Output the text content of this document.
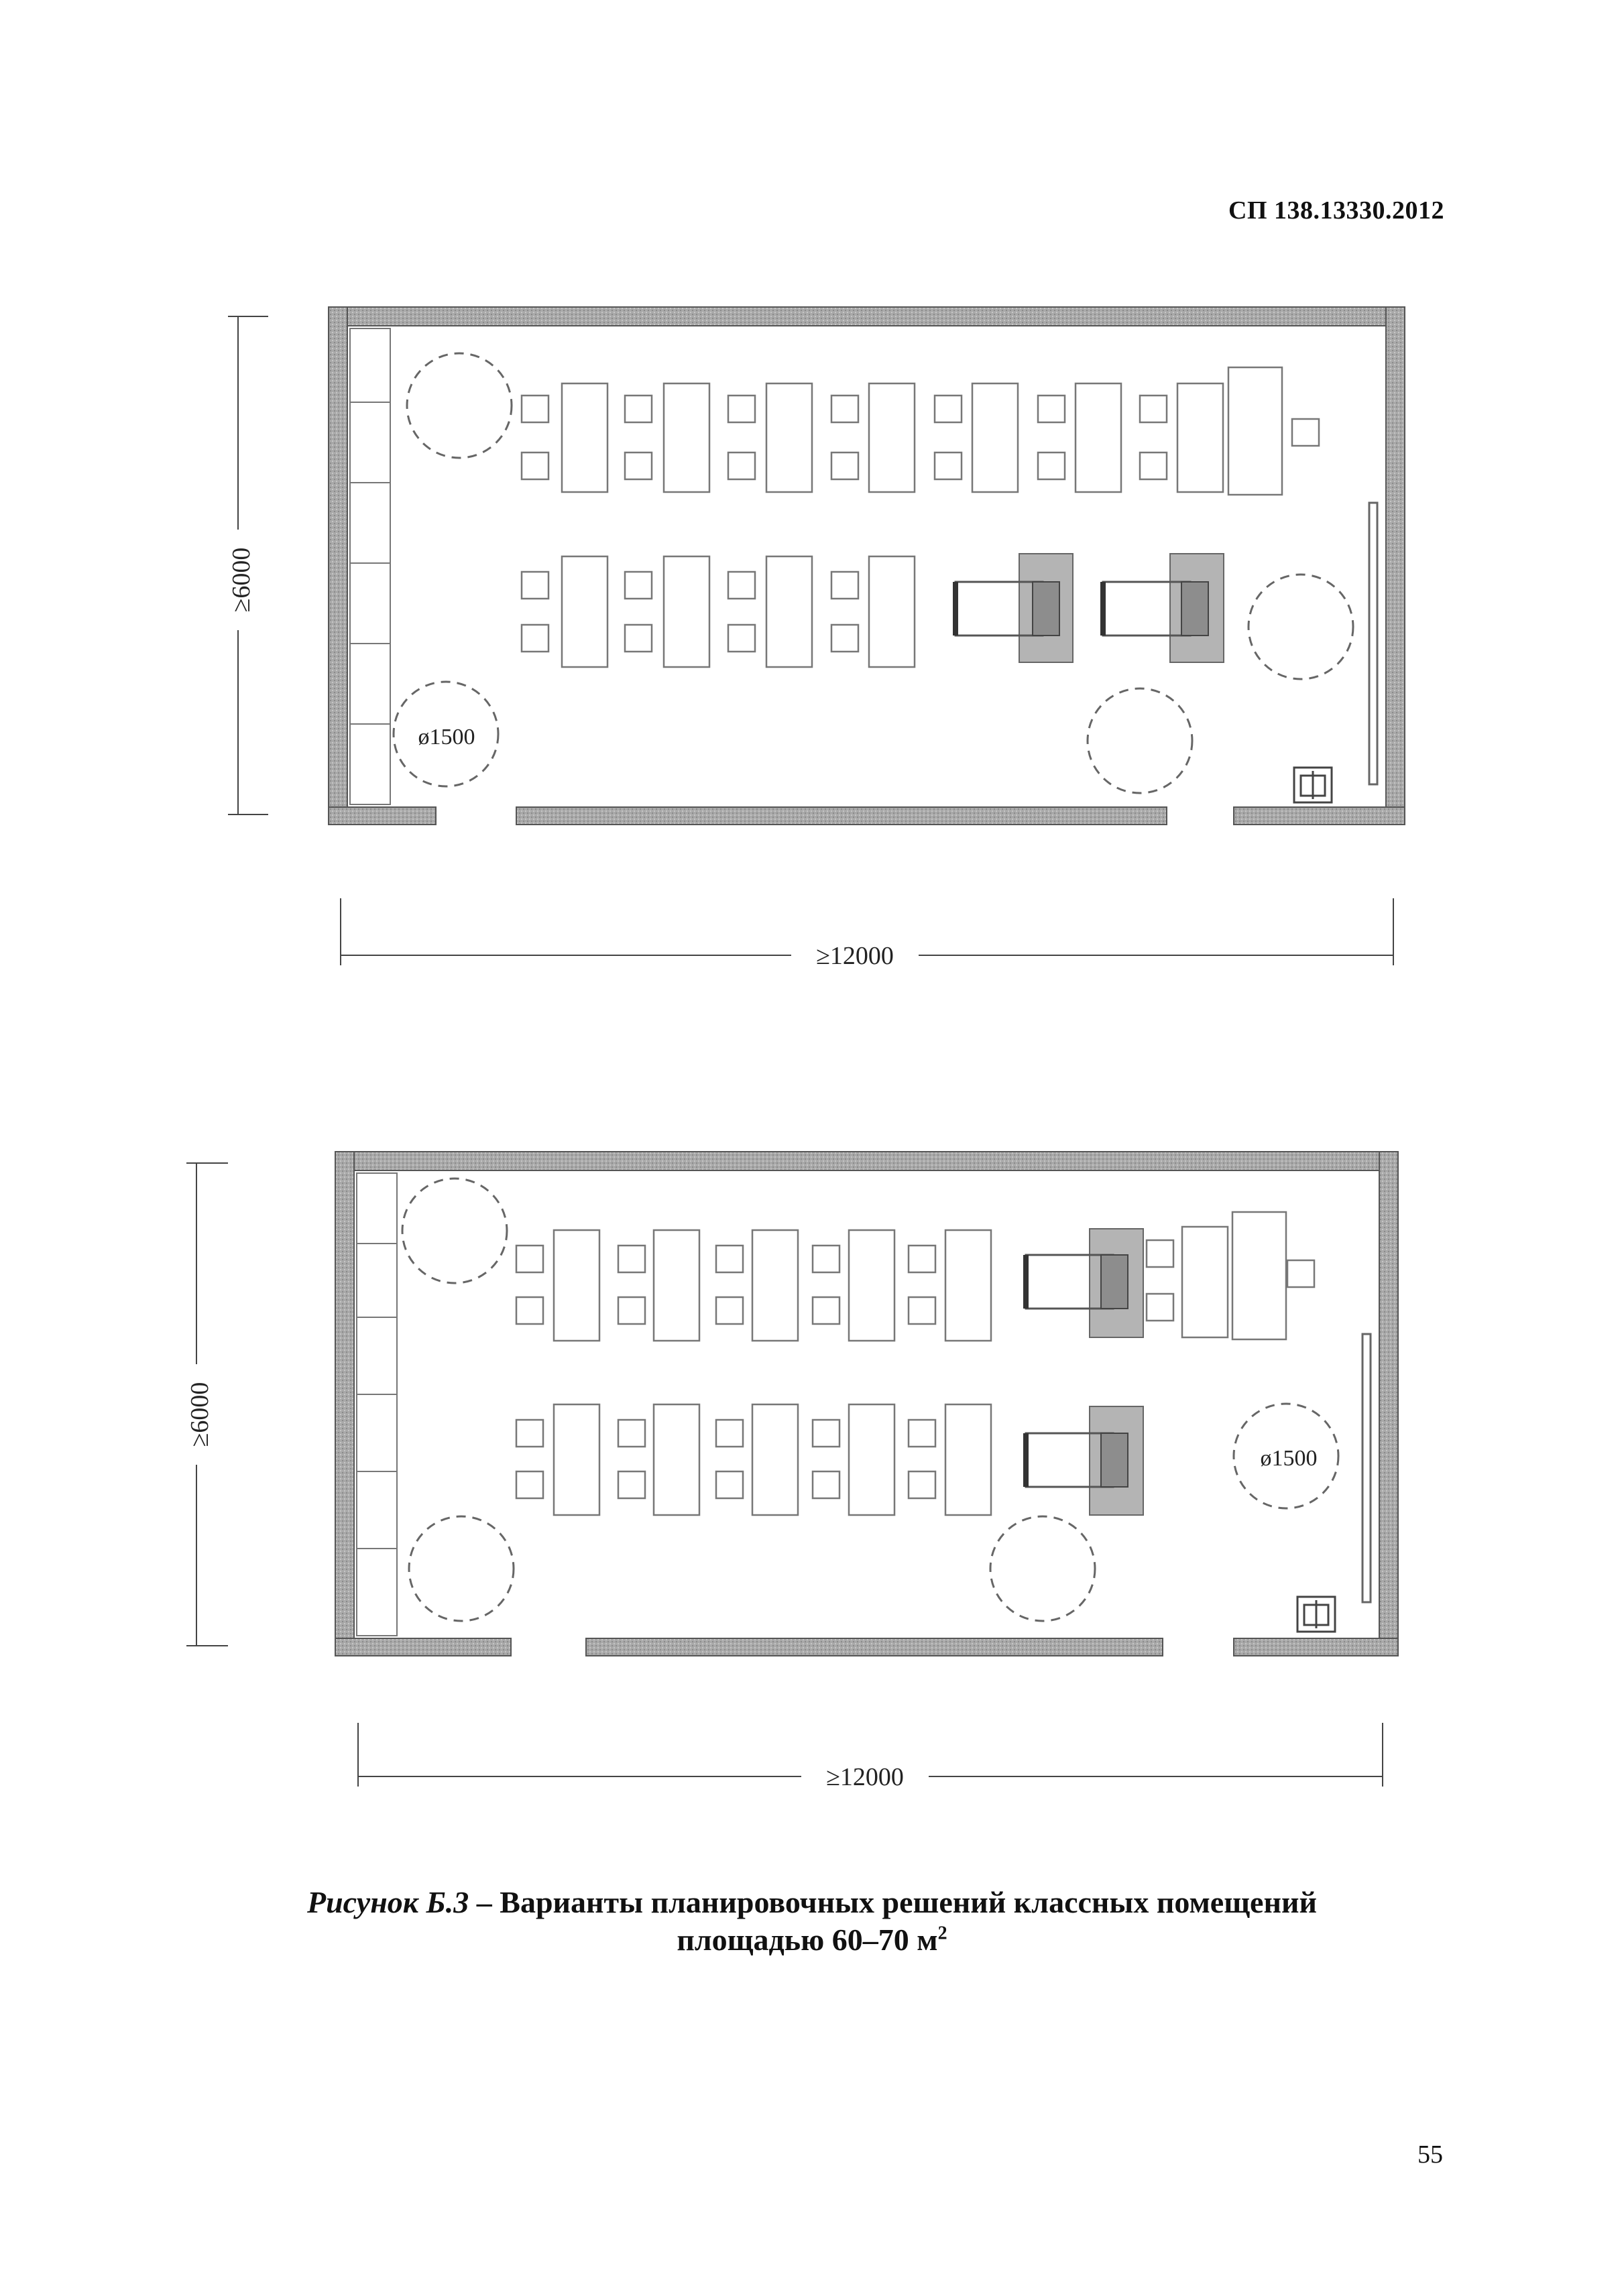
СП 138.13330.2012
ø1500
≥6000
≥12000
ø1500
≥6000
≥12000
Рисунок Б.3 – Варианты планировочных решений классных помещений
площадью 60–70 $м^2$
55
